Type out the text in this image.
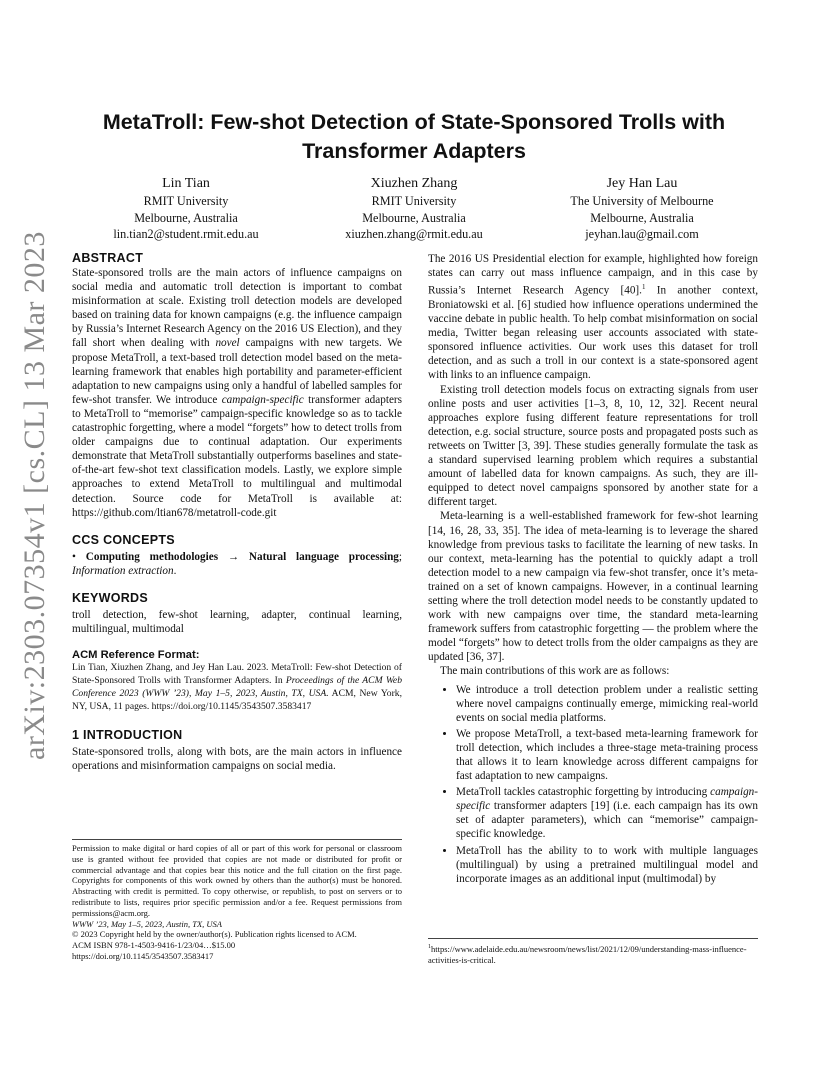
arXiv:2303.07354v1 [cs.CL] 13 Mar 2023
MetaTroll: Few-shot Detection of State-Sponsored Trolls with Transformer Adapters
Lin Tian
RMIT University
Melbourne, Australia
lin.tian2@student.rmit.edu.au
Xiuzhen Zhang
RMIT University
Melbourne, Australia
xiuzhen.zhang@rmit.edu.au
Jey Han Lau
The University of Melbourne
Melbourne, Australia
jeyhan.lau@gmail.com
ABSTRACT

State-sponsored trolls are the main actors of influence campaigns on social media and automatic troll detection is important to combat misinformation at scale. Existing troll detection models are developed based on training data for known campaigns (e.g. the influence campaign by Russia’s Internet Research Agency on the 2016 US Election), and they fall short when dealing with novel campaigns with new targets. We propose MetaTroll, a text-based troll detection model based on the meta-learning framework that enables high portability and parameter-efficient adaptation to new campaigns using only a handful of labelled samples for few-shot transfer. We introduce campaign-specific transformer adapters to MetaTroll to “memorise” campaign-specific knowledge so as to tackle catastrophic forgetting, where a model “forgets” how to detect trolls from older campaigns due to continual adaptation. Our experiments demonstrate that MetaTroll substantially outperforms baselines and state-of-the-art few-shot text classification models. Lastly, we explore simple approaches to extend MetaTroll to multilingual and multimodal detection. Source code for MetaTroll is available at: https://github.com/ltian678/metatroll-code.git

CCS CONCEPTS

• Computing methodologies → Natural language processing; Information extraction.

KEYWORDS

troll detection, few-shot learning, adapter, continual learning, multilingual, multimodal

ACM Reference Format:

Lin Tian, Xiuzhen Zhang, and Jey Han Lau. 2023. MetaTroll: Few-shot Detection of State-Sponsored Trolls with Transformer Adapters. In Proceedings of the ACM Web Conference 2023 (WWW ’23), May 1–5, 2023, Austin, TX, USA. ACM, New York, NY, USA, 11 pages. https://doi.org/10.1145/3543507.3583417

1 INTRODUCTION

State-sponsored trolls, along with bots, are the main actors in influence operations and misinformation campaigns on social media.

Permission to make digital or hard copies of all or part of this work for personal or classroom use is granted without fee provided that copies are not made or distributed for profit or commercial advantage and that copies bear this notice and the full citation on the first page. Copyrights for components of this work owned by others than the author(s) must be honored. Abstracting with credit is permitted. To copy otherwise, or republish, to post on servers or to redistribute to lists, requires prior specific permission and/or a fee. Request permissions from permissions@acm.org.

WWW ’23, May 1–5, 2023, Austin, TX, USA

© 2023 Copyright held by the owner/author(s). Publication rights licensed to ACM.

ACM ISBN 978-1-4503-9416-1/23/04…$15.00

https://doi.org/10.1145/3543507.3583417

The 2016 US Presidential election for example, highlighted how foreign states can carry out mass influence campaign, and in this case by Russia’s Internet Research Agency [40].$^1$ In another context, Broniatowski et al. [6] studied how influence operations undermined the vaccine debate in public health. To help combat misinformation on social media, Twitter began releasing user accounts associated with state-sponsored influence activities. Our work uses this dataset for troll detection, and as such a troll in our context is a state-sponsored agent with links to an influence campaign.

Existing troll detection models focus on extracting signals from user online posts and user activities [1–3, 8, 10, 12, 32]. Recent neural approaches explore fusing different feature representations for troll detection, e.g. social structure, source posts and propagated posts such as retweets on Twitter [3, 39]. These studies generally formulate the task as a standard supervised learning problem which requires a substantial amount of labelled data for known campaigns. As such, they are ill-equipped to detect novel campaigns sponsored by another state for a different target.

Meta-learning is a well-established framework for few-shot learning [14, 16, 28, 33, 35]. The idea of meta-learning is to leverage the shared knowledge from previous tasks to facilitate the learning of new tasks. In our context, meta-learning has the potential to quickly adapt a troll detection model to a new campaign via few-shot transfer, once it’s meta-trained on a set of known campaigns. However, in a continual learning setting where the troll detection model needs to be constantly updated to work with new campaigns over time, the standard meta-learning framework suffers from catastrophic forgetting — the problem where the model “forgets” how to detect trolls from the older campaigns as they are updated [36, 37].

The main contributions of this work are as follows:

• We introduce a troll detection problem under a realistic setting where novel campaigns continually emerge, mimicking real-world events on social media platforms.
• We propose MetaTroll, a text-based meta-learning framework for troll detection, which includes a three-stage meta-training process that allows it to learn knowledge across different campaigns for fast adaptation to new campaigns.
• MetaTroll tackles catastrophic forgetting by introducing campaign-specific transformer adapters [19] (i.e. each campaign has its own set of adapter parameters), which can “memorise” campaign-specific knowledge.
• MetaTroll has the ability to to work with multiple languages (multilingual) by using a pretrained multilingual model and incorporate images as an additional input (multimodal) by

$^1$https://www.adelaide.edu.au/newsroom/news/list/2021/12/09/understanding-mass-influence-activities-is-critical.
